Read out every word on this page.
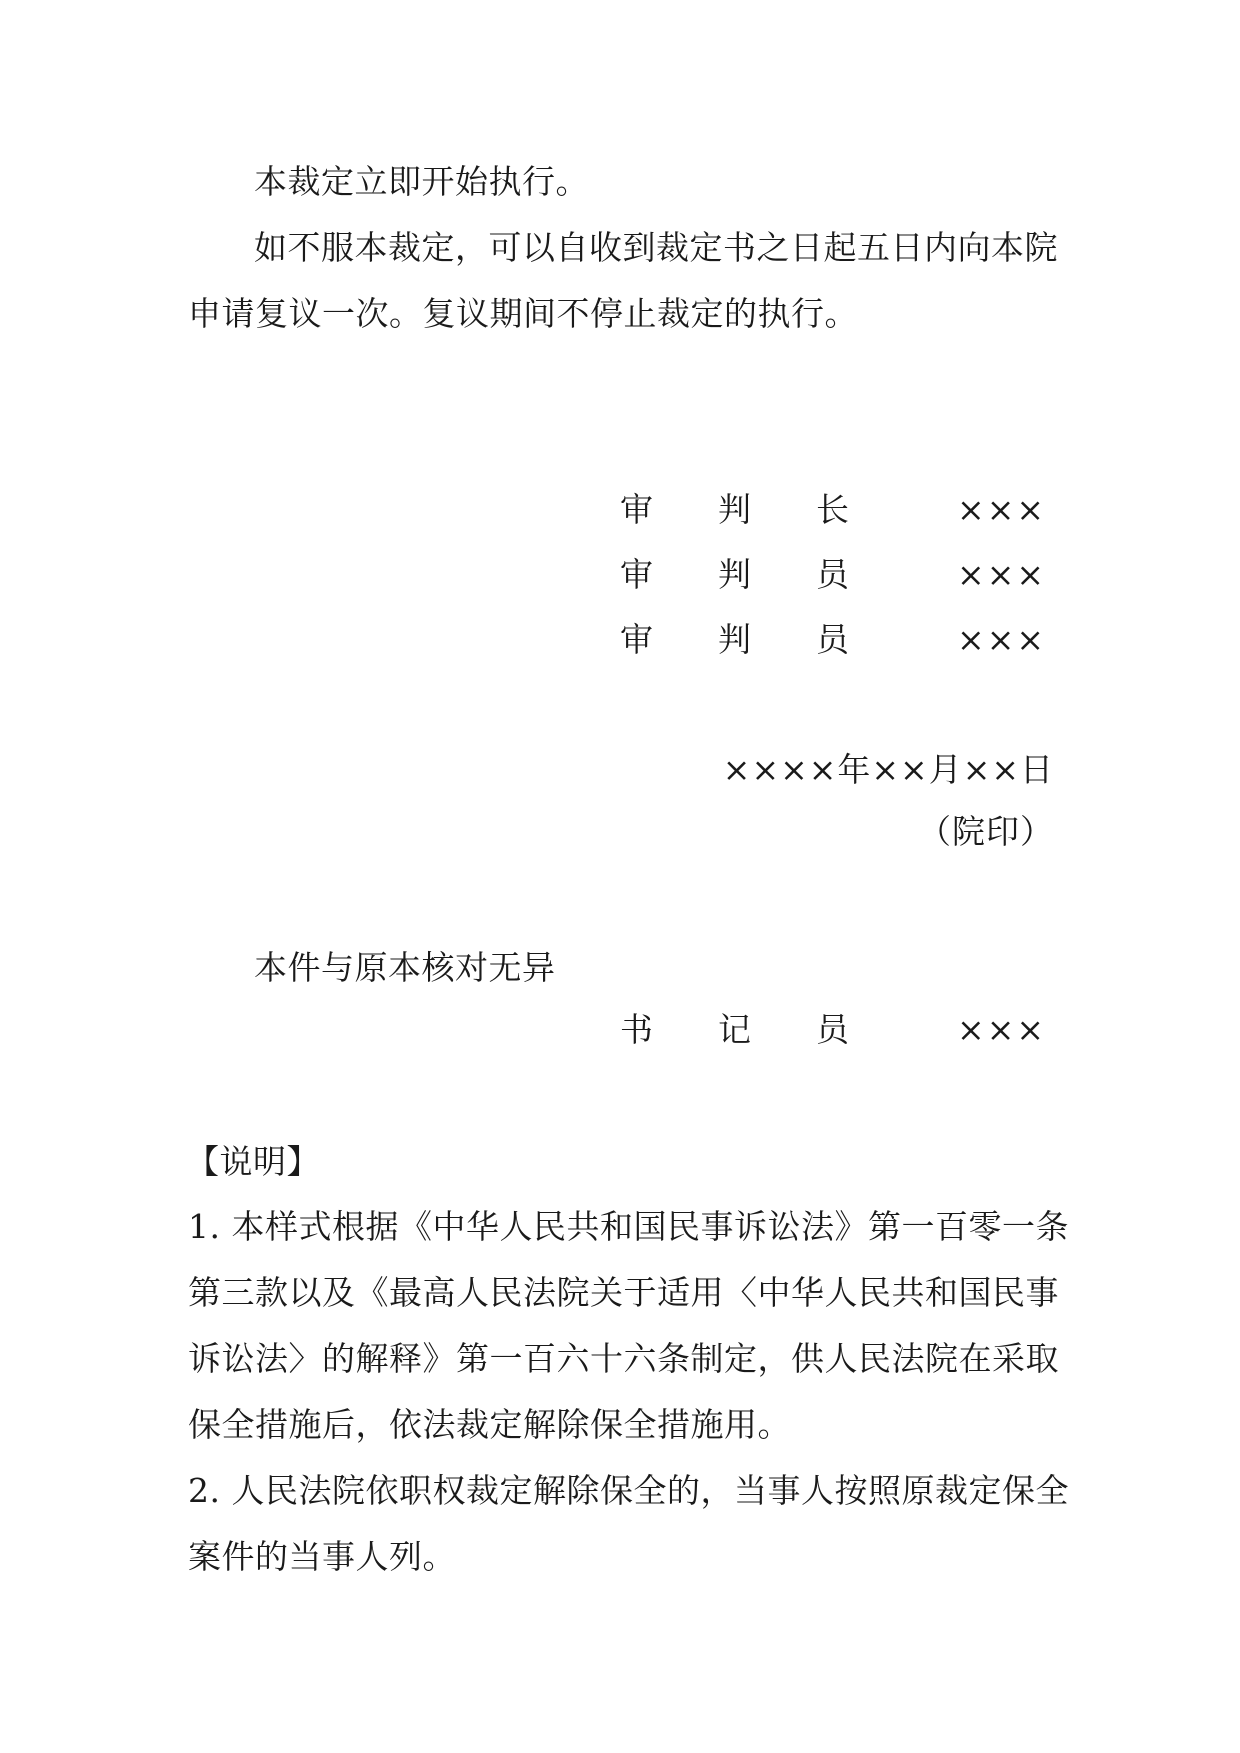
本裁定立即开始执行。
如不服本裁定，可以自收到裁定书之日起五日内向本院
申请复议一次。复议期间不停止裁定的执行。
审 判 长	×××
审 判 员	×××
审 判 员	×××
××××年××月××日
（院印）
本件与原本核对无异
书 记 员	×××
【说明】
1. 本样式根据《中华人民共和国民事诉讼法》第一百零一条
第三款以及《最高人民法院关于适用〈中华人民共和国民事
诉讼法〉的解释》第一百六十六条制定，供人民法院在采取
保全措施后，依法裁定解除保全措施用。
2. 人民法院依职权裁定解除保全的，当事人按照原裁定保全
案件的当事人列。
